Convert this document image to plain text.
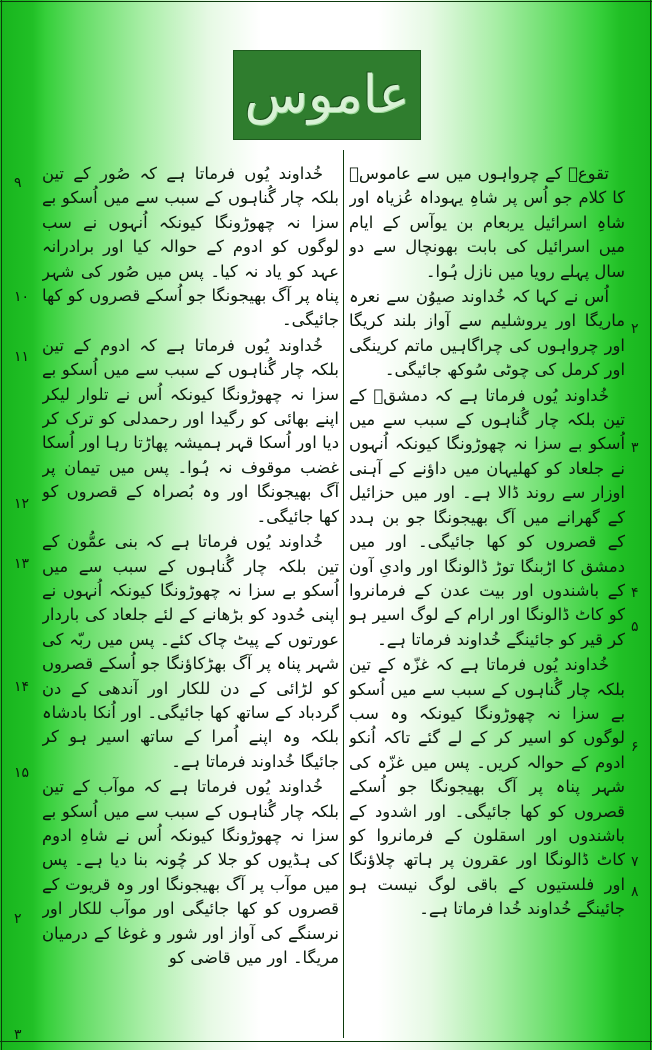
عاموس

تقوعؔ کے چرواہوں میں سے عاموسؔ کا کلام جو اُس پر شاہِ یہوداہ عُزیاہ اور شاہِ اسرائیل یربعام بن یوآس کے ایام میں اسرائیل کی بابت بھونچال سے دو سال پہلے رویا میں نازل ہُوا۔

اُس نے کہا کہ خُداوند صیوُن سے نعرہ ماریگا اور یروشلیم سے آواز بلند کریگا اور چرواہوں کی چراگاہیں ماتم کرینگی اور کرمل کی چوٹی سُوکھ جائیگی۔

خُداوند یُوں فرماتا ہے کہ دمشقؔ کے تین بلکہ چار گُناہوں کے سبب سے میں اُسکو بے سزا نہ چھوڑونگا کیونکہ اُنہوں نے جلعاد کو کھلیہان میں داؤنے کے آہنی اوزار سے روند ڈالا ہے۔ اور میں حزائیل کے گھرانے میں آگ بھیجونگا جو بن ہدد کے قصروں کو کھا جائیگی۔ اور میں دمشق کا اڑبنگا توڑ ڈالونگا اور وادیِ آون کے باشندوں اور بیت عدن کے فرمانروا کو کاٹ ڈالونگا اور ارام کے لوگ اسیر ہو کر قیر کو جائینگے خُداوند فرماتا ہے۔

خُداوند یُوں فرماتا ہے کہ غزّہ کے تین بلکہ چار گُناہوں کے سبب سے میں اُسکو بے سزا نہ چھوڑونگا کیونکہ وہ سب لوگوں کو اسیر کر کے لے گئے تاکہ اُنکو ادوم کے حوالہ کریں۔ پس میں غزّہ کی شہر پناہ پر آگ بھیجونگا جو اُسکے قصروں کو کھا جائیگی۔ اور اشدود کے باشندوں اور اسقلون کے فرمانروا کو کاٹ ڈالونگا اور عقرون پر ہاتھ چلاؤنگا اور فلستیوں کے باقی لوگ نیست ہو جائینگے خُداوند خُدا فرماتا ہے۔

خُداوند یُوں فرماتا ہے کہ صُور کے تین بلکہ چار گُناہوں کے سبب سے میں اُسکو بے سزا نہ چھوڑونگا کیونکہ اُنہوں نے سب لوگوں کو ادوم کے حوالہ کیا اور برادرانہ عہد کو یاد نہ کیا۔ پس میں صُور کی شہر پناہ پر آگ بھیجونگا جو اُسکے قصروں کو کھا جائیگی۔

خُداوند یُوں فرماتا ہے کہ ادوم کے تین بلکہ چار گُناہوں کے سبب سے میں اُسکو بے سزا نہ چھوڑونگا کیونکہ اُس نے تلوار لیکر اپنے بھائی کو رگیدا اور رحمدلی کو ترک کر دیا اور اُسکا قہر ہمیشہ پھاڑتا رہا اور اُسکا غضب موقوف نہ ہُوا۔ پس میں تیمان پر آگ بھیجونگا اور وہ بُصراہ کے قصروں کو کھا جائیگی۔

خُداوند یُوں فرماتا ہے کہ بنی عمُّون کے تین بلکہ چار گُناہوں کے سبب سے میں اُسکو بے سزا نہ چھوڑونگا کیونکہ اُنہوں نے اپنی حُدود کو بڑھانے کے لئے جلعاد کی باردار عورتوں کے پیٹ چاک کئے۔ پس میں ربّہ کی شہر پناہ پر آگ بھڑکاؤنگا جو اُسکے قصروں کو لڑائی کے دن للکار اور آندھی کے دن گردباد کے ساتھ کھا جائیگی۔ اور اُنکا بادشاہ بلکہ وہ اپنے اُمرا کے ساتھ اسیر ہو کر جائیگا خُداوند فرماتا ہے۔

خُداوند یُوں فرماتا ہے کہ موآب کے تین بلکہ چار گُناہوں کے سبب سے میں اُسکو بے سزا نہ چھوڑونگا کیونکہ اُس نے شاہِ ادوم کی ہڈیوں کو جلا کر چُونہ بنا دیا ہے۔ پس میں موآب پر آگ بھیجونگا اور وہ قریوت کے قصروں کو کھا جائیگی اور موآب للکار اور نرسنگے کی آواز اور شور و غوغا کے درمیان مریگا۔ اور میں قاضی کو

۹
۱۰
۱۱
۱۲
۱۳
۱۴
۱۵
۲
۳
۲
۳
۴
۵
۶
۷
۸
